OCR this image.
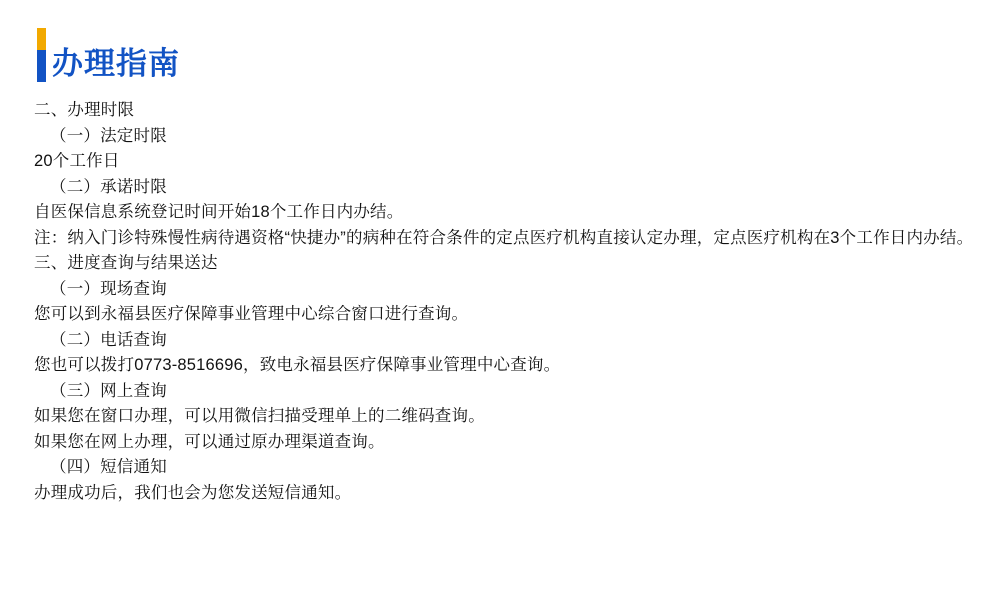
办理指南
二、办理时限
（一）法定时限
20个工作日
（二）承诺时限
自医保信息系统登记时间开始18个工作日内办结。
注：纳入门诊特殊慢性病待遇资格“快捷办”的病种在符合条件的定点医疗机构直接认定办理，定点医疗机构在3个工作日内办结。
三、进度查询与结果送达
（一）现场查询
您可以到永福县医疗保障事业管理中心综合窗口进行查询。
（二）电话查询
您也可以拨打0773-8516696，致电永福县医疗保障事业管理中心查询。
（三）网上查询
如果您在窗口办理，可以用微信扫描受理单上的二维码查询。
如果您在网上办理，可以通过原办理渠道查询。
（四）短信通知
办理成功后，我们也会为您发送短信通知。
